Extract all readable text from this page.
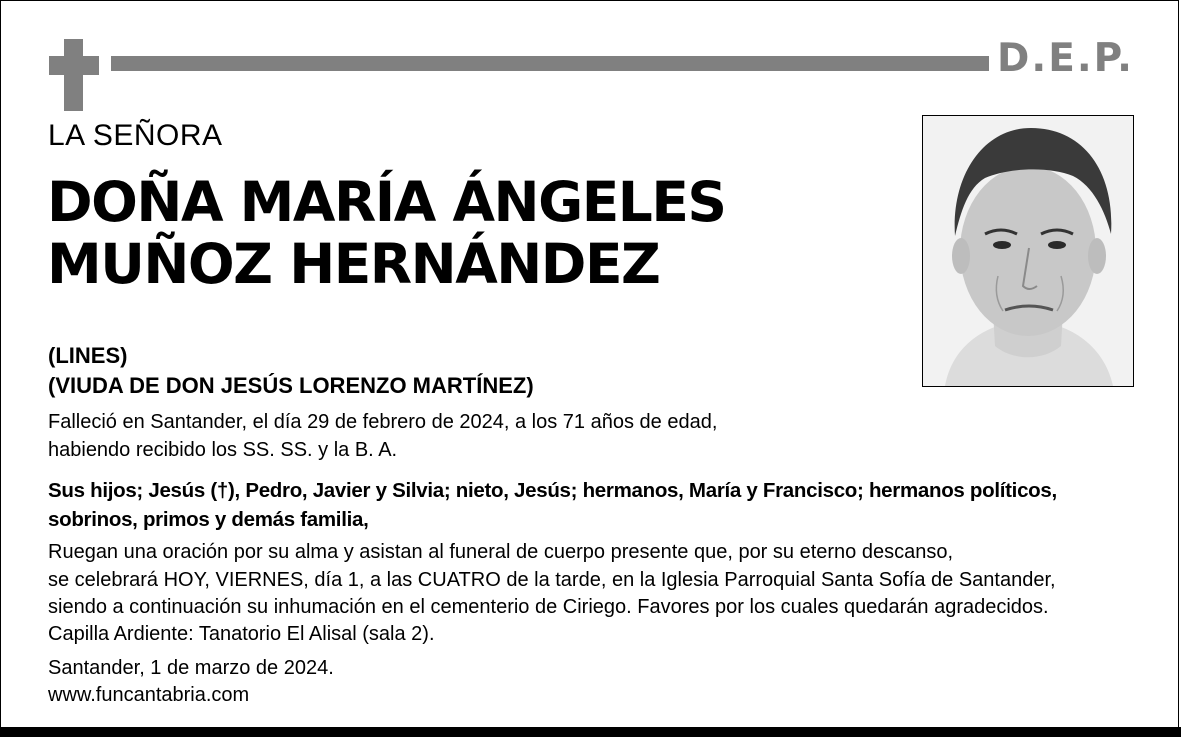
D.E.P.
LA SEÑORA
DOÑA MARÍA ÁNGELES
MUÑOZ HERNÁNDEZ
(LINES)
(VIUDA DE DON JESÚS LORENZO MARTÍNEZ)
Falleció en Santander, el día 29 de febrero de 2024, a los 71 años de edad,
habiendo recibido los SS. SS. y la B. A.
Sus hijos; Jesús (†), Pedro, Javier y Silvia; nieto, Jesús; hermanos, María y Francisco; hermanos políticos,
sobrinos, primos y demás familia,
Ruegan una oración por su alma y asistan al funeral de cuerpo presente que, por su eterno descanso,
se celebrará HOY, VIERNES, día 1, a las CUATRO de la tarde, en la Iglesia Parroquial Santa Sofía de Santander,
siendo a continuación su inhumación en el cementerio de Ciriego. Favores por los cuales quedarán agradecidos.
Capilla Ardiente: Tanatorio El Alisal (sala 2).
Santander, 1 de marzo de 2024.
www.funcantabria.com
